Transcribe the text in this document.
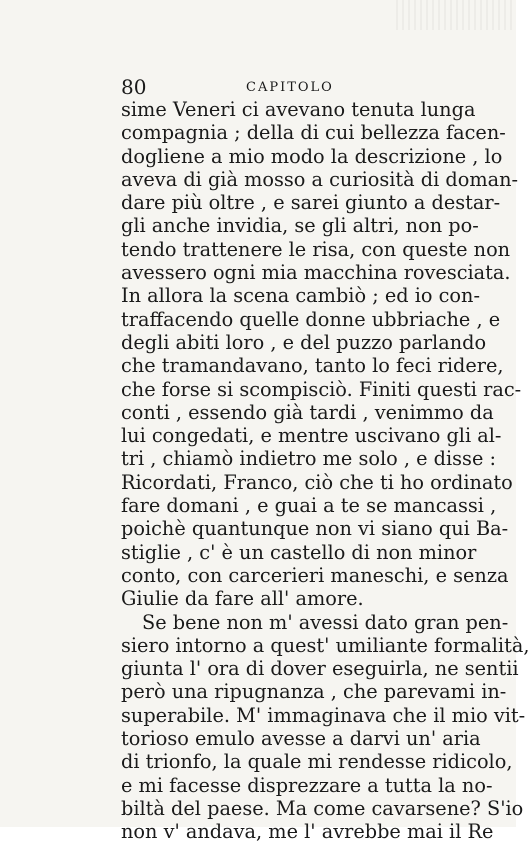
80	CAPITOLO
sime Veneri ci avevano tenuta lunga
compagnia ; della di cui bellezza facen-
dogliene a mio modo la descrizione , lo
aveva di già mosso a curiosità di doman-
dare più oltre , e sarei giunto a destar-
gli anche invidia, se gli altri, non po-
tendo trattenere le risa, con queste non
avessero ogni mia macchina rovesciata.
In allora la scena cambiò ; ed io con-
traffacendo quelle donne ubbriache , e
degli abiti loro , e del puzzo parlando
che tramandavano, tanto lo feci ridere,
che forse si scompisciò. Finiti questi rac-
conti , essendo già tardi , venimmo da
lui congedati, e mentre uscivano gli al-
tri , chiamò indietro me solo , e disse :
Ricordati, Franco, ciò che ti ho ordinato
fare domani , e guai a te se mancassi ,
poichè quantunque non vi siano qui Ba-
stiglie , c' è un castello di non minor
conto, con carcerieri maneschi, e senza
Giulie da fare all' amore.
Se bene non m' avessi dato gran pen-
siero intorno a quest' umiliante formalità,
giunta l' ora di dover eseguirla, ne sentii
però una ripugnanza , che parevami in-
superabile. M' immaginava che il mio vit-
torioso emulo avesse a darvi un' aria
di trionfo, la quale mi rendesse ridicolo,
e mi facesse disprezzare a tutta la no-
biltà del paese. Ma come cavarsene? S'io
non v' andava, me l' avrebbe mai il Re
